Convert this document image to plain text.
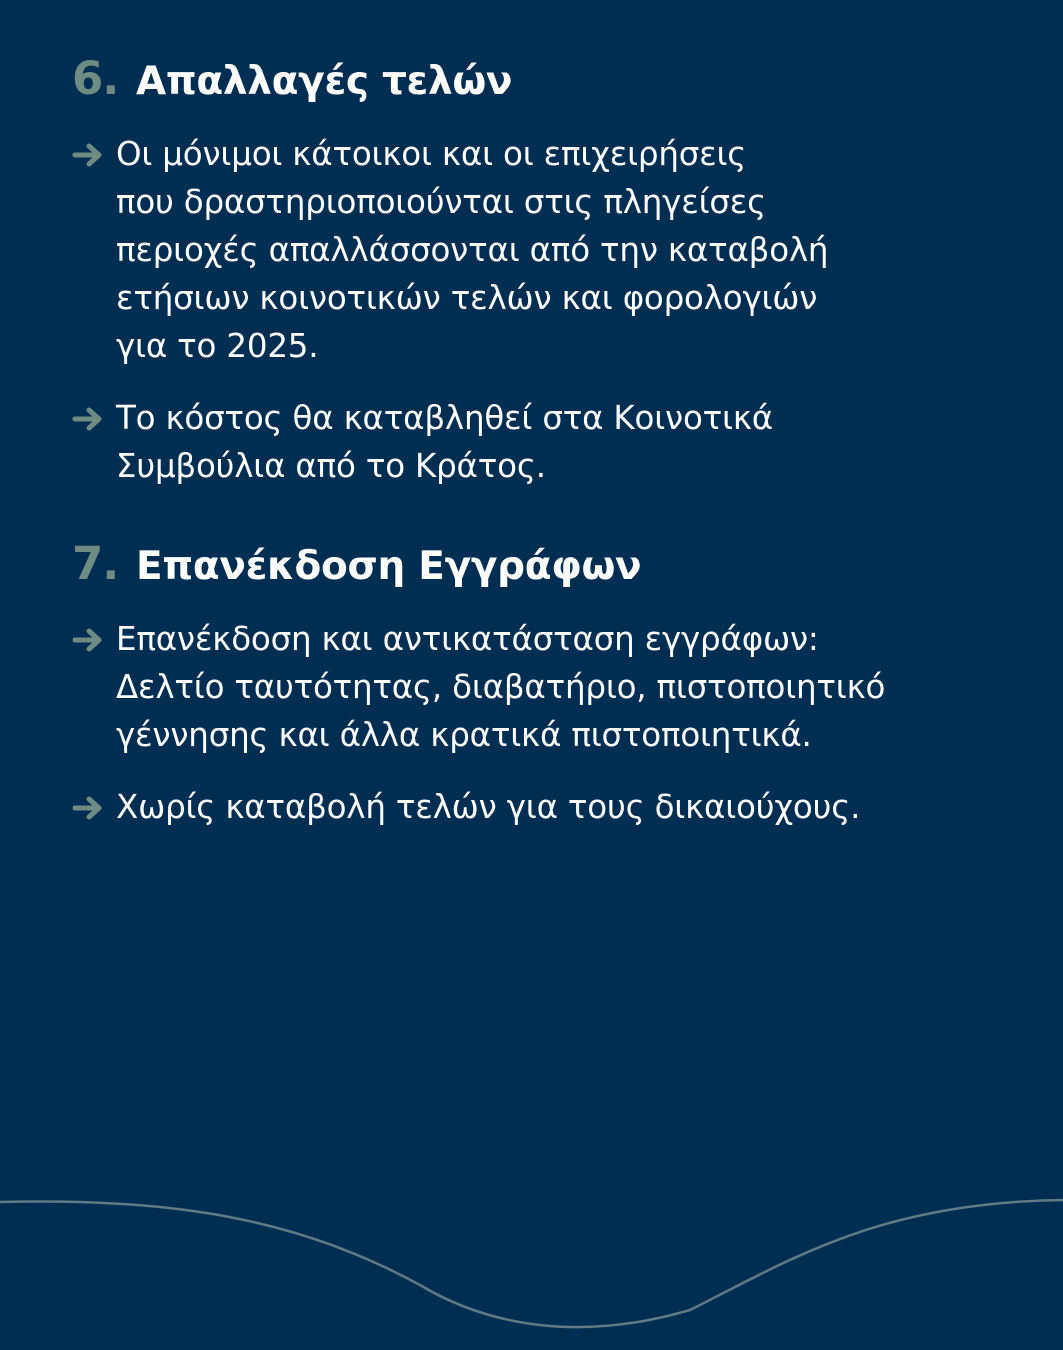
6. Απαλλαγές τελών
Οι μόνιμοι κάτοικοι και οι επιχειρήσεις
που δραστηριοποιούνται στις πληγείσες
περιοχές απαλλάσσονται από την καταβολή
ετήσιων κοινοτικών τελών και φορολογιών
για το 2025.
Το κόστος θα καταβληθεί στα Κοινοτικά
Συμβούλια από το Κράτος.
7. Επανέκδοση Εγγράφων
Επανέκδοση και αντικατάσταση εγγράφων:
Δελτίο ταυτότητας, διαβατήριο, πιστοποιητικό
γέννησης και άλλα κρατικά πιστοποιητικά.
Χωρίς καταβολή τελών για τους δικαιούχους.
